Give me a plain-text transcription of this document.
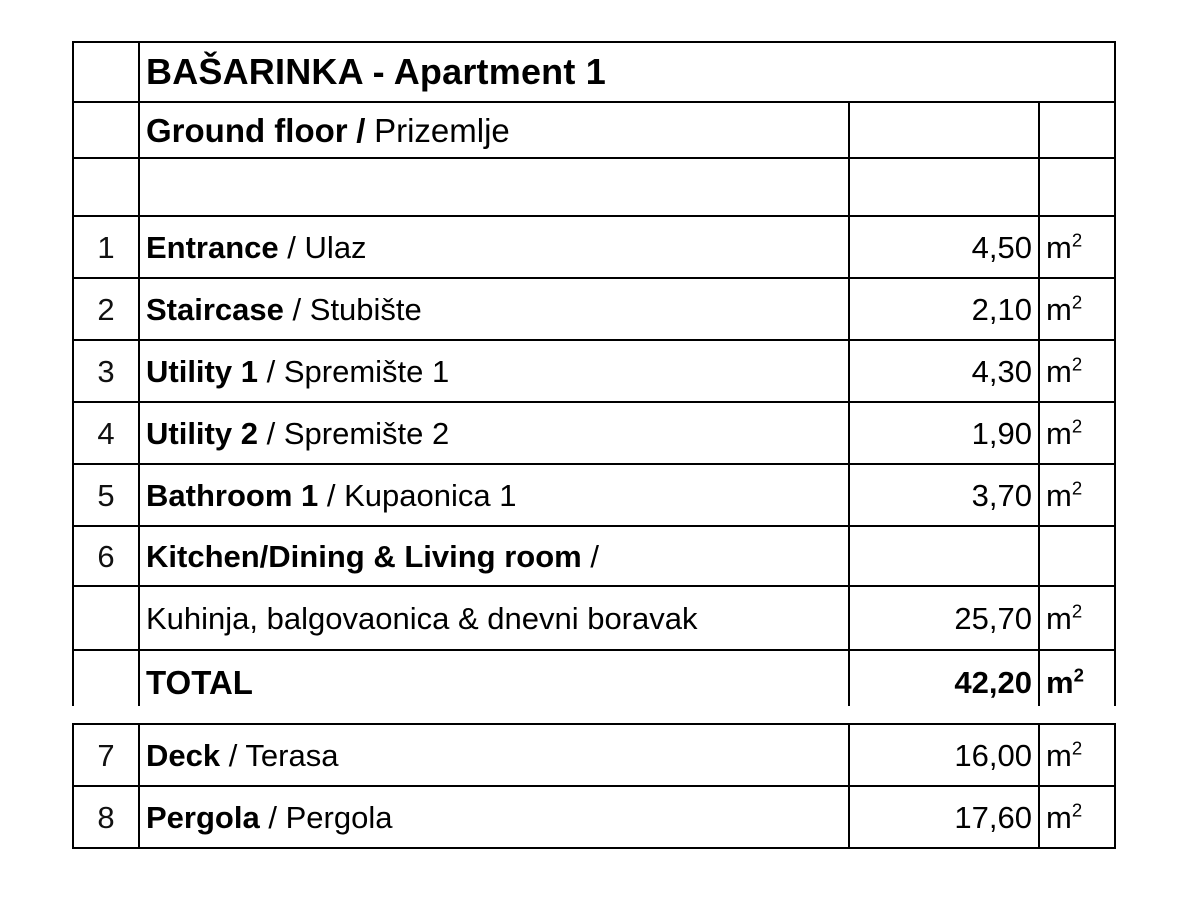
	BAŠARINKA - Apartment 1		
	Ground floor / Prizemlje		

1	Entrance / Ulaz	4,50	$m^2$
2	Staircase / Stubište	2,10	$m^2$
3	Utility 1 / Spremište 1	4,30	$m^2$
4	Utility 2 / Spremište 2	1,90	$m^2$
5	Bathroom 1 / Kupaonica 1	3,70	$m^2$
6	Kitchen/Dining & Living room /		
	Kuhinja, balgovaonica & dnevni boravak	25,70	$m^2$
	TOTAL	42,20	$m^2$
7	Deck / Terasa	16,00	$m^2$
8	Pergola / Pergola	17,60	$m^2$
